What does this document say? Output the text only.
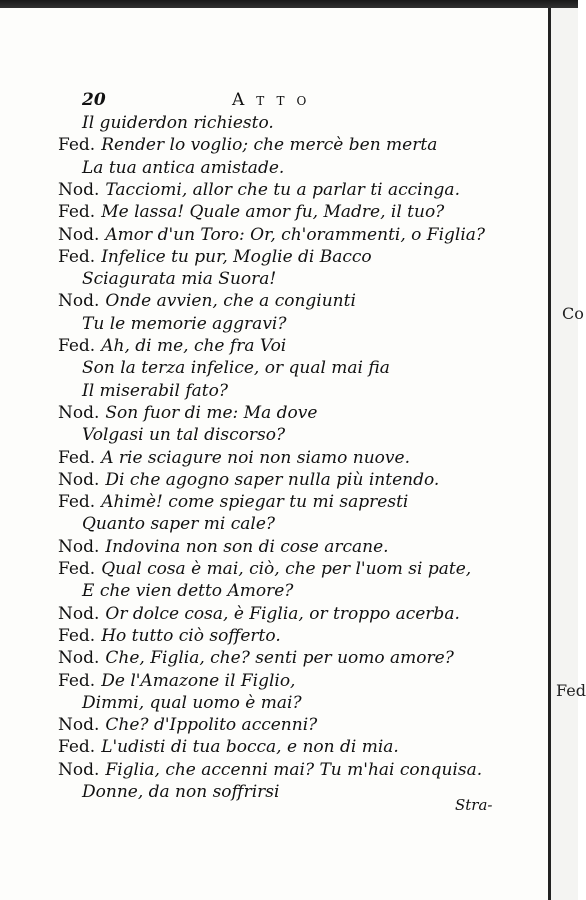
20	Atto
Il guiderdon richiesto.
Fed. Render lo voglio; che mercè ben merta
La tua antica amistade.
Nod. Tacciomi, allor che tu a parlar ti accinga.
Fed. Me lassa! Quale amor fu, Madre, il tuo?
Nod. Amor d'un Toro: Or, ch'orammenti, o Figlia?
Fed. Infelice tu pur, Moglie di Bacco
Sciagurata mia Suora!
Nod. Onde avvien, che a congiunti
Tu le memorie aggravi?
Fed. Ah, di me, che fra Voi
Son la terza infelice, or qual mai fia
Il miserabil fato?
Nod. Son fuor di me: Ma dove
Volgasi un tal discorso?
Fed. A rie sciagure noi non siamo nuove.
Nod. Di che agogno saper nulla più intendo.
Fed. Ahimè! come spiegar tu mi sapresti
Quanto saper mi cale?
Nod. Indovina non son di cose arcane.
Fed. Qual cosa è mai, ciò, che per l'uom si pate,
E che vien detto Amore?
Nod. Or dolce cosa, è Figlia, or troppo acerba.
Fed. Ho tutto ciò sofferto.
Nod. Che, Figlia, che? senti per uomo amore?
Fed. De l'Amazone il Figlio,
Dimmi, qual uomo è mai?
Nod. Che? d'Ippolito accenni?
Fed. L'udisti di tua bocca, e non di mia.
Nod. Figlia, che accenni mai? Tu m'hai conquisa.
Donne, da non soffrirsi
Stra-
Co
Fed
